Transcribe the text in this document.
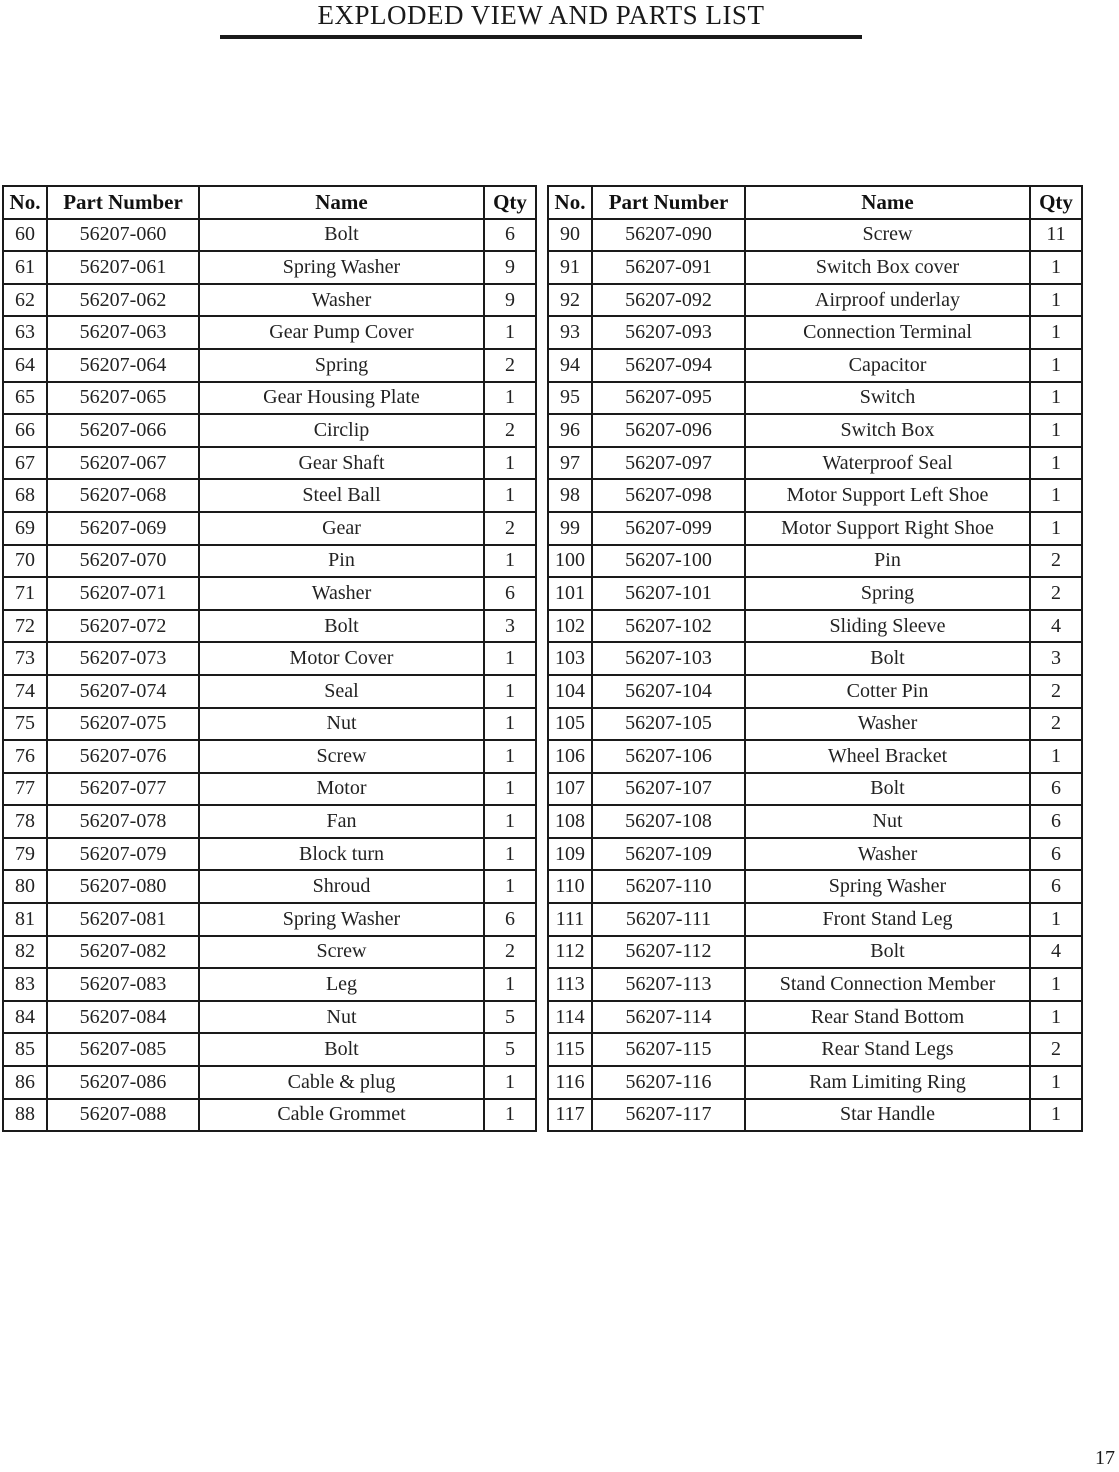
EXPLODED VIEW AND PARTS LIST
No.	Part Number	Name	Qty
60	56207-060	Bolt	6
61	56207-061	Spring Washer	9
62	56207-062	Washer	9
63	56207-063	Gear Pump Cover	1
64	56207-064	Spring	2
65	56207-065	Gear Housing Plate	1
66	56207-066	Circlip	2
67	56207-067	Gear Shaft	1
68	56207-068	Steel Ball	1
69	56207-069	Gear	2
70	56207-070	Pin	1
71	56207-071	Washer	6
72	56207-072	Bolt	3
73	56207-073	Motor Cover	1
74	56207-074	Seal	1
75	56207-075	Nut	1
76	56207-076	Screw	1
77	56207-077	Motor	1
78	56207-078	Fan	1
79	56207-079	Block turn	1
80	56207-080	Shroud	1
81	56207-081	Spring Washer	6
82	56207-082	Screw	2
83	56207-083	Leg	1
84	56207-084	Nut	5
85	56207-085	Bolt	5
86	56207-086	Cable & plug	1
88	56207-088	Cable Grommet	1
No.	Part Number	Name	Qty
90	56207-090	Screw	11
91	56207-091	Switch Box cover	1
92	56207-092	Airproof underlay	1
93	56207-093	Connection Terminal	1
94	56207-094	Capacitor	1
95	56207-095	Switch	1
96	56207-096	Switch Box	1
97	56207-097	Waterproof Seal	1
98	56207-098	Motor Support Left Shoe	1
99	56207-099	Motor Support Right Shoe	1
100	56207-100	Pin	2
101	56207-101	Spring	2
102	56207-102	Sliding Sleeve	4
103	56207-103	Bolt	3
104	56207-104	Cotter Pin	2
105	56207-105	Washer	2
106	56207-106	Wheel Bracket	1
107	56207-107	Bolt	6
108	56207-108	Nut	6
109	56207-109	Washer	6
110	56207-110	Spring Washer	6
111	56207-111	Front Stand Leg	1
112	56207-112	Bolt	4
113	56207-113	Stand Connection Member	1
114	56207-114	Rear Stand Bottom	1
115	56207-115	Rear Stand Legs	2
116	56207-116	Ram Limiting Ring	1
117	56207-117	Star Handle	1
17
